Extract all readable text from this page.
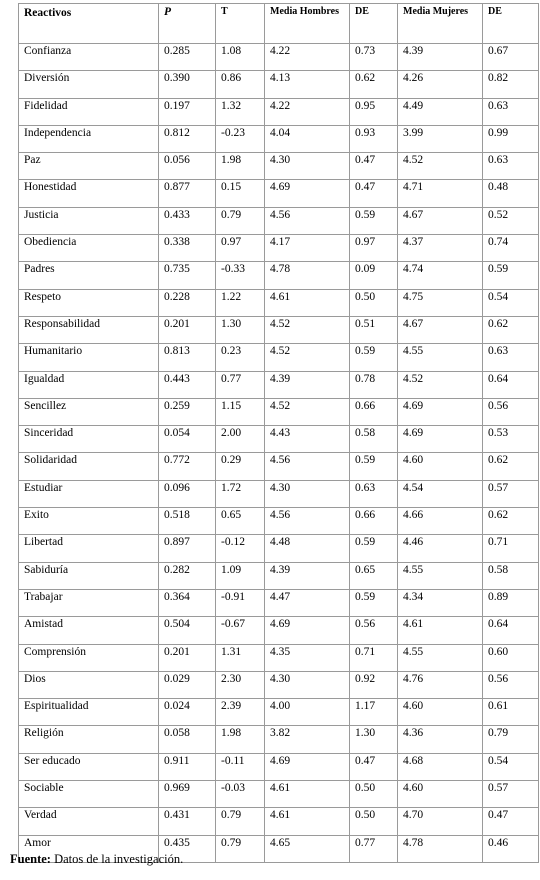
Reactivos	P	T	Media Hombres	DE	Media Mujeres	DE
Confianza	0.285	1.08	4.22	0.73	4.39	0.67
Diversión	0.390	0.86	4.13	0.62	4.26	0.82
Fidelidad	0.197	1.32	4.22	0.95	4.49	0.63
Independencia	0.812	-0.23	4.04	0.93	3.99	0.99
Paz	0.056	1.98	4.30	0.47	4.52	0.63
Honestidad	0.877	0.15	4.69	0.47	4.71	0.48
Justicia	0.433	0.79	4.56	0.59	4.67	0.52
Obediencia	0.338	0.97	4.17	0.97	4.37	0.74
Padres	0.735	-0.33	4.78	0.09	4.74	0.59
Respeto	0.228	1.22	4.61	0.50	4.75	0.54
Responsabilidad	0.201	1.30	4.52	0.51	4.67	0.62
Humanitario	0.813	0.23	4.52	0.59	4.55	0.63
Igualdad	0.443	0.77	4.39	0.78	4.52	0.64
Sencillez	0.259	1.15	4.52	0.66	4.69	0.56
Sinceridad	0.054	2.00	4.43	0.58	4.69	0.53
Solidaridad	0.772	0.29	4.56	0.59	4.60	0.62
Estudiar	0.096	1.72	4.30	0.63	4.54	0.57
Exito	0.518	0.65	4.56	0.66	4.66	0.62
Libertad	0.897	-0.12	4.48	0.59	4.46	0.71
Sabiduría	0.282	1.09	4.39	0.65	4.55	0.58
Trabajar	0.364	-0.91	4.47	0.59	4.34	0.89
Amistad	0.504	-0.67	4.69	0.56	4.61	0.64
Comprensión	0.201	1.31	4.35	0.71	4.55	0.60
Dios	0.029	2.30	4.30	0.92	4.76	0.56
Espiritualidad	0.024	2.39	4.00	1.17	4.60	0.61
Religión	0.058	1.98	3.82	1.30	4.36	0.79
Ser educado	0.911	-0.11	4.69	0.47	4.68	0.54
Sociable	0.969	-0.03	4.61	0.50	4.60	0.57
Verdad	0.431	0.79	4.61	0.50	4.70	0.47
Amor	0.435	0.79	4.65	0.77	4.78	0.46
Fuente: Datos de la investigación.
